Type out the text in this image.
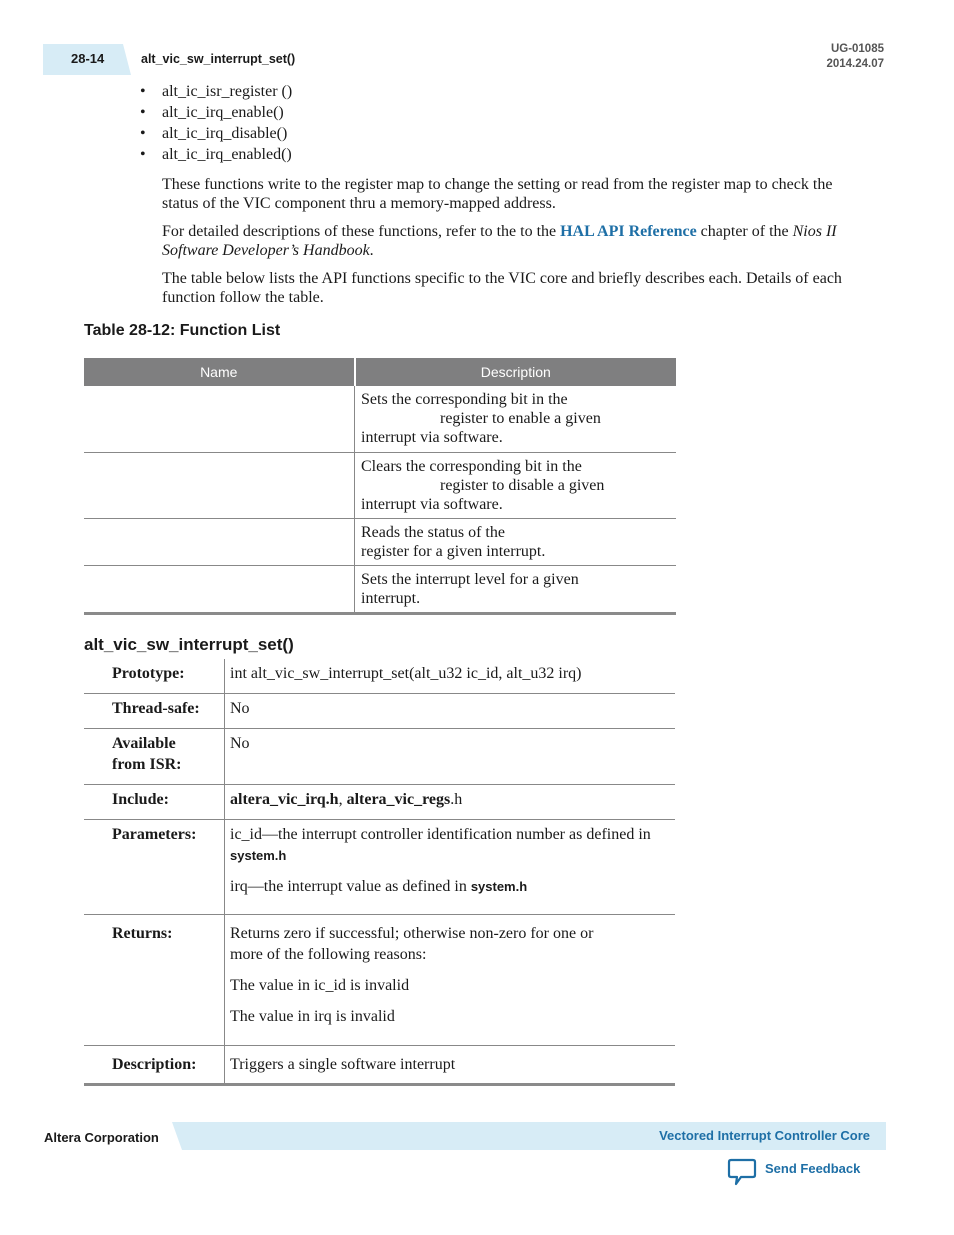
28-14	alt_vic_sw_interrupt_set()
UG-01085
2014.24.07
• alt_ic_isr_register ()
• alt_ic_irq_enable()
• alt_ic_irq_disable()
• alt_ic_irq_enabled()
These functions write to the register map to change the setting or read from the register map to check the status of the VIC component thru a memory-mapped address.
For detailed descriptions of these functions, refer to the to the HAL API Reference chapter of the Nios II Software Developer’s Handbook.
The table below lists the API functions specific to the VIC core and briefly describes each. Details of each function follow the table.
Table 28-12: Function List
Name	Description

	Sets the corresponding bit in the
register to enable a given
interrupt via software.

	Clears the corresponding bit in the
register to disable a given
interrupt via software.

	Reads the status of the
register for a given interrupt.

	Sets the interrupt level for a given
interrupt.
alt_vic_sw_interrupt_set()
Prototype:	int alt_vic_sw_interrupt_set(alt_u32 ic_id, alt_u32 irq)
Thread-safe:	No

Available
from ISR:	No
Include:	altera_vic_irq.h, altera_vic_regs.h
Parameters:	ic_id—the interrupt controller identification number as defined in system.h

irq—the interrupt value as defined in system.h

Returns:	Returns zero if successful; otherwise non-zero for one or more of the following reasons:

The value in ic_id is invalid

The value in irq is invalid

Description:	Triggers a single software interrupt
Altera Corporation	Vectored Interrupt Controller Core
Send Feedback
